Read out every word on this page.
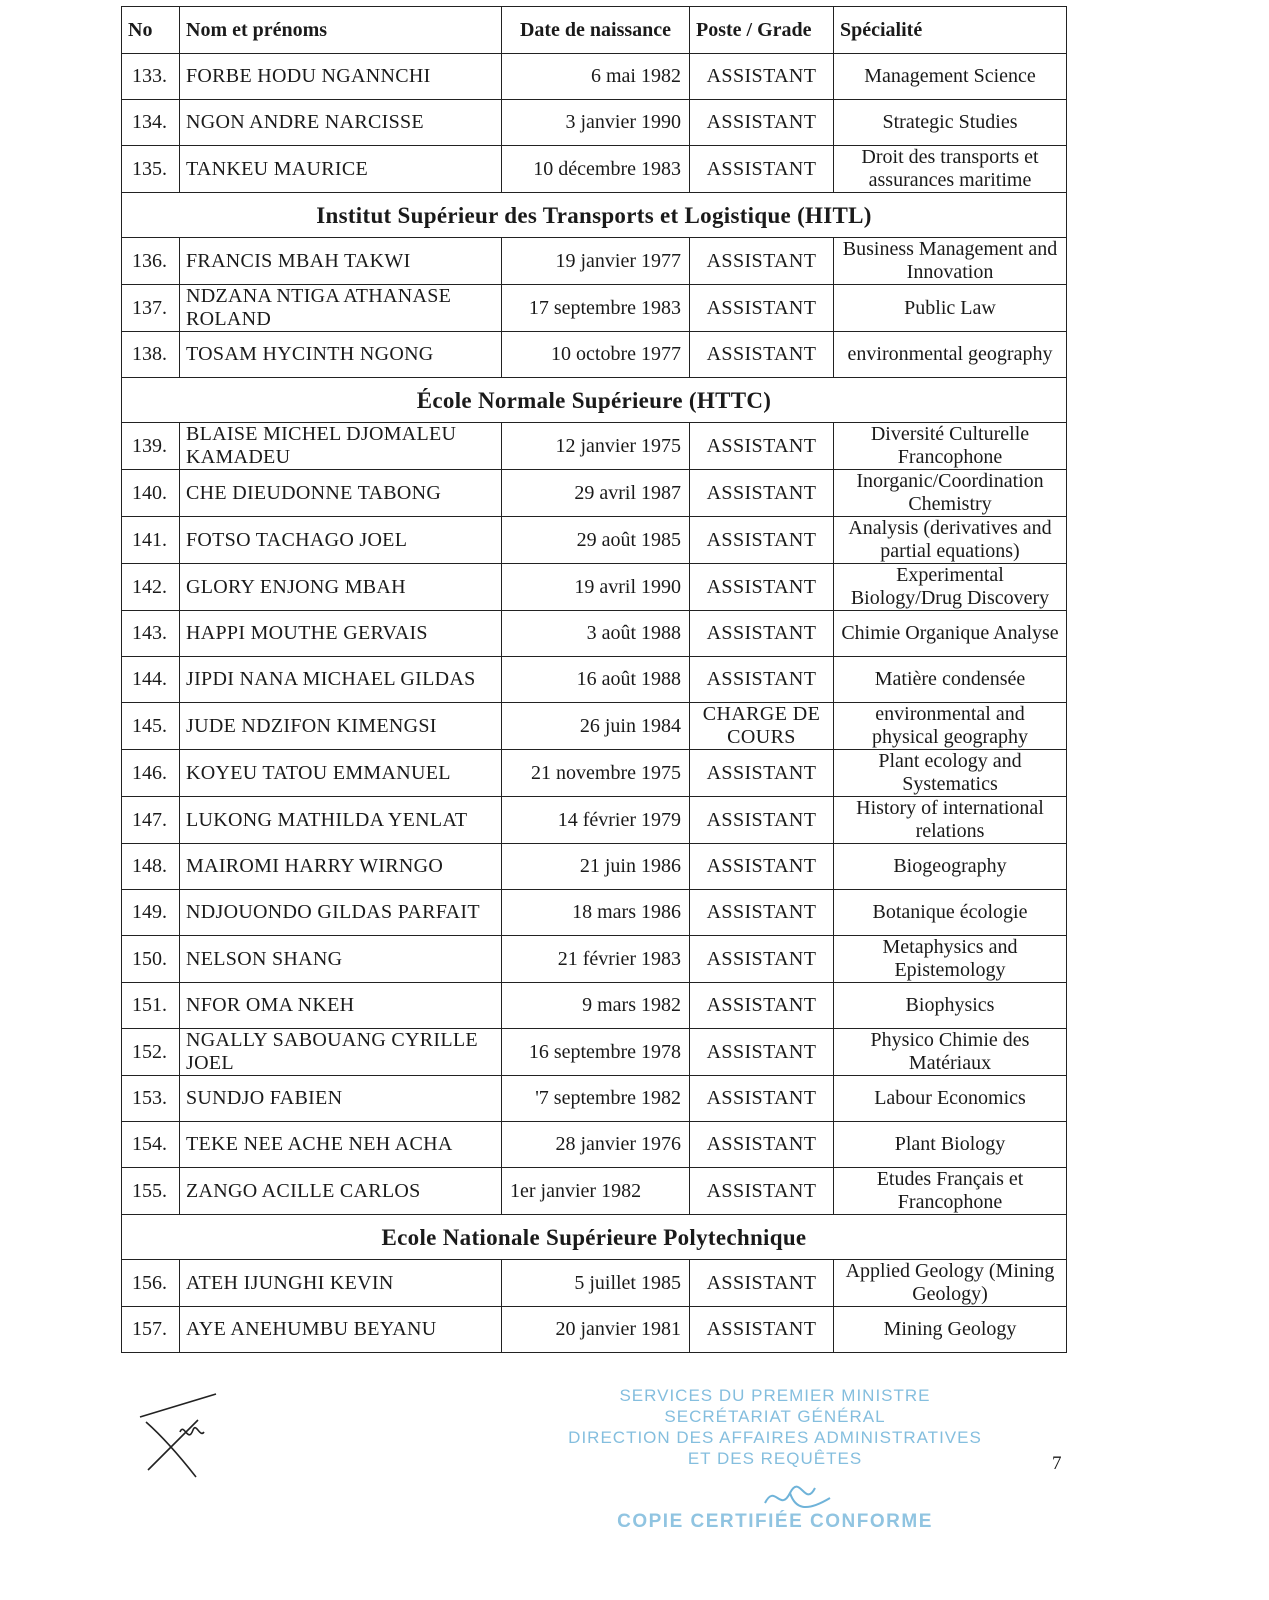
No	Nom et prénoms	Date de naissance	Poste / Grade	Spécialité
133.	FORBE HODU NGANNCHI	6 mai 1982	ASSISTANT	Management Science
134.	NGON ANDRE NARCISSE	3 janvier 1990	ASSISTANT	Strategic Studies
135.	TANKEU MAURICE	10 décembre 1983	ASSISTANT	Droit des transports et assurances maritime
Institut Supérieur des Transports et Logistique (HITL)				
136.	FRANCIS MBAH TAKWI	19 janvier 1977	ASSISTANT	Business Management and Innovation
137.	NDZANA NTIGA ATHANASE ROLAND	17 septembre 1983	ASSISTANT	Public Law
138.	TOSAM HYCINTH NGONG	10 octobre 1977	ASSISTANT	environmental geography
École Normale Supérieure (HTTC)				
139.	BLAISE MICHEL DJOMALEU KAMADEU	12 janvier 1975	ASSISTANT	Diversité Culturelle Francophone
140.	CHE DIEUDONNE TABONG	29 avril 1987	ASSISTANT	Inorganic/Coordination Chemistry
141.	FOTSO TACHAGO JOEL	29 août 1985	ASSISTANT	Analysis (derivatives and partial equations)
142.	GLORY ENJONG MBAH	19 avril 1990	ASSISTANT	Experimental Biology/Drug Discovery
143.	HAPPI MOUTHE GERVAIS	3 août 1988	ASSISTANT	Chimie Organique Analyse
144.	JIPDI NANA MICHAEL GILDAS	16 août 1988	ASSISTANT	Matière condensée
145.	JUDE NDZIFON KIMENGSI	26 juin 1984	CHARGE DE COURS	environmental and physical geography
146.	KOYEU TATOU EMMANUEL	21 novembre 1975	ASSISTANT	Plant ecology and Systematics
147.	LUKONG MATHILDA YENLAT	14 février 1979	ASSISTANT	History of international relations
148.	MAIROMI HARRY WIRNGO	21 juin 1986	ASSISTANT	Biogeography
149.	NDJOUONDO GILDAS PARFAIT	18 mars 1986	ASSISTANT	Botanique écologie
150.	NELSON SHANG	21 février 1983	ASSISTANT	Metaphysics and Epistemology
151.	NFOR OMA NKEH	9 mars 1982	ASSISTANT	Biophysics
152.	NGALLY SABOUANG CYRILLE JOEL	16 septembre 1978	ASSISTANT	Physico Chimie des Matériaux
153.	SUNDJO FABIEN	'7 septembre 1982	ASSISTANT	Labour Economics
154.	TEKE NEE ACHE NEH ACHA	28 janvier 1976	ASSISTANT	Plant Biology
155.	ZANGO ACILLE CARLOS	1er janvier 1982	ASSISTANT	Etudes Français et Francophone
Ecole Nationale Supérieure Polytechnique				
156.	ATEH IJUNGHI KEVIN	5 juillet 1985	ASSISTANT	Applied Geology (Mining Geology)
157.	AYE ANEHUMBU BEYANU	20 janvier 1981	ASSISTANT	Mining Geology
SERVICES DU PREMIER MINISTRE
SECRÉTARIAT GÉNÉRAL
DIRECTION DES AFFAIRES ADMINISTRATIVES
ET DES REQUÊTES
COPIE CERTIFIÉE CONFORME
7
